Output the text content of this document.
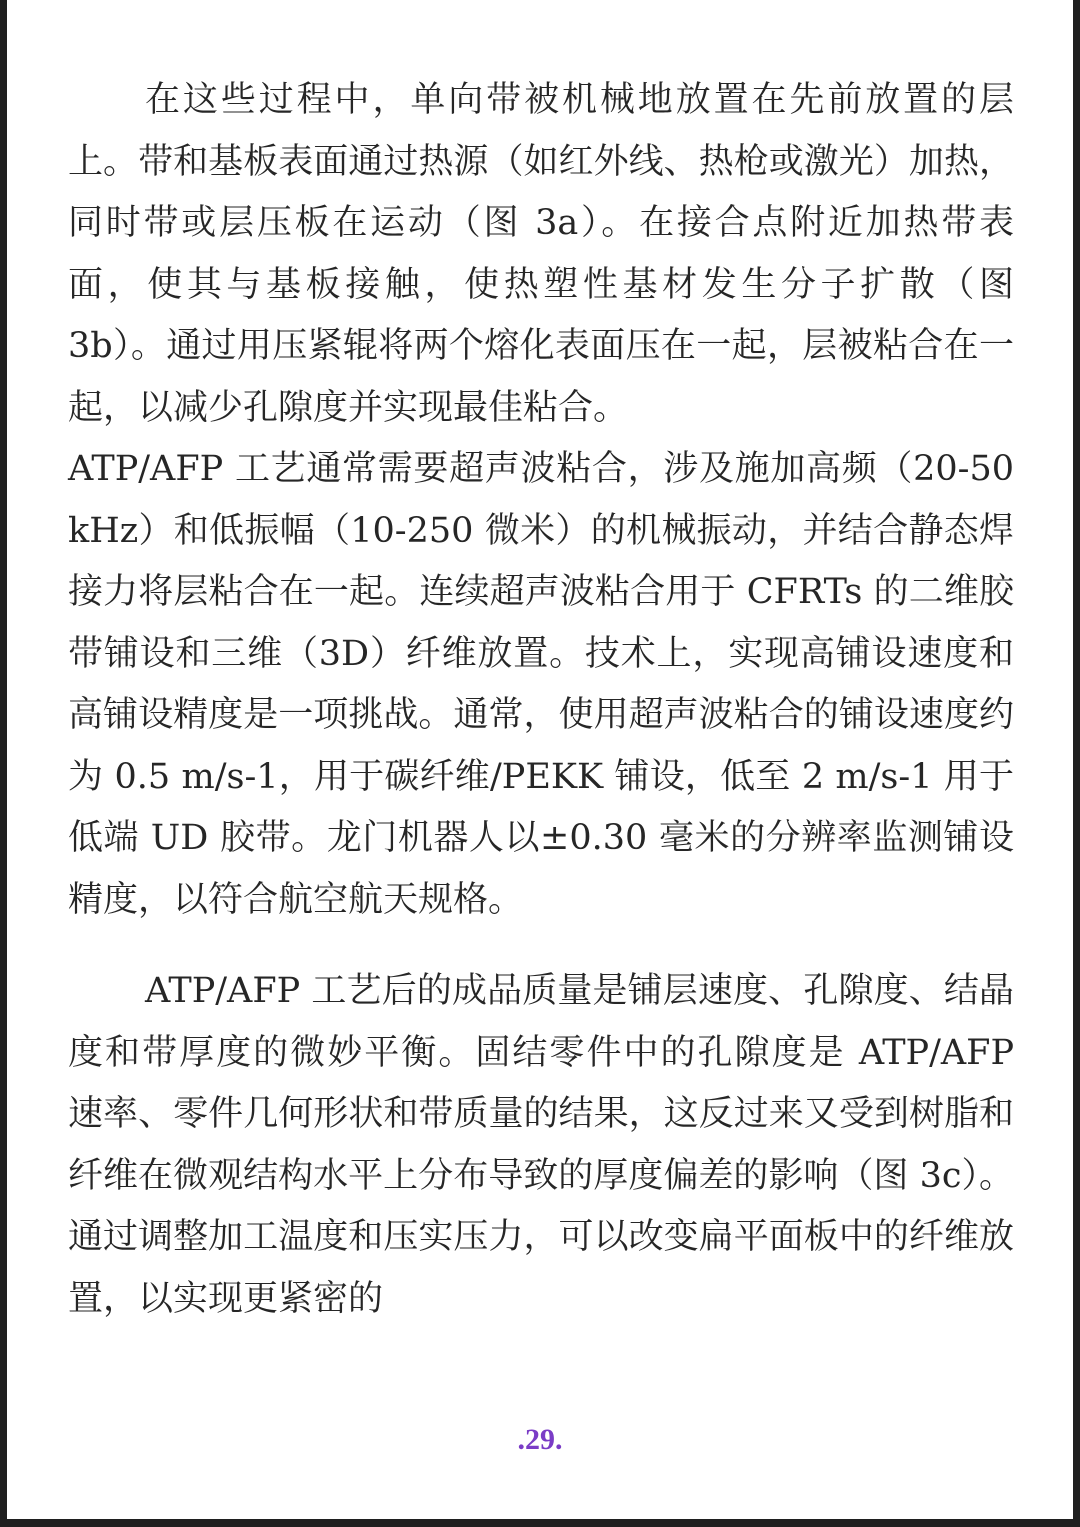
在这些过程中，单向带被机械地放置在先前放置的层上。带和基板表面通过热源（如红外线、热枪或激光）加热，同时带或层压板在运动（图 3a）。在接合点附近加热带表面，使其与基板接触，使热塑性基材发生分子扩散（图 3b）。通过用压紧辊将两个熔化表面压在一起，层被粘合在一起，以减少孔隙度并实现最佳粘合。

ATP/AFP 工艺通常需要超声波粘合，涉及施加高频（20-50 kHz）和低振幅（10-250 微米）的机械振动，并结合静态焊接力将层粘合在一起。连续超声波粘合用于 CFRTs 的二维胶带铺设和三维（3D）纤维放置。技术上，实现高铺设速度和高铺设精度是一项挑战。通常，使用超声波粘合的铺设速度约为 0.5 m/s-1，用于碳纤维/PEKK 铺设，低至 2 m/s-1 用于低端 UD 胶带。龙门机器人以±0.30 毫米的分辨率监测铺设精度，以符合航空航天规格。

ATP/AFP 工艺后的成品质量是铺层速度、孔隙度、结晶度和带厚度的微妙平衡。固结零件中的孔隙度是 ATP/AFP 速率、零件几何形状和带质量的结果，这反过来又受到树脂和纤维在微观结构水平上分布导致的厚度偏差的影响（图 3c）。通过调整加工温度和压实压力，可以改变扁平面板中的纤维放置，以实现更紧密的

.29.
